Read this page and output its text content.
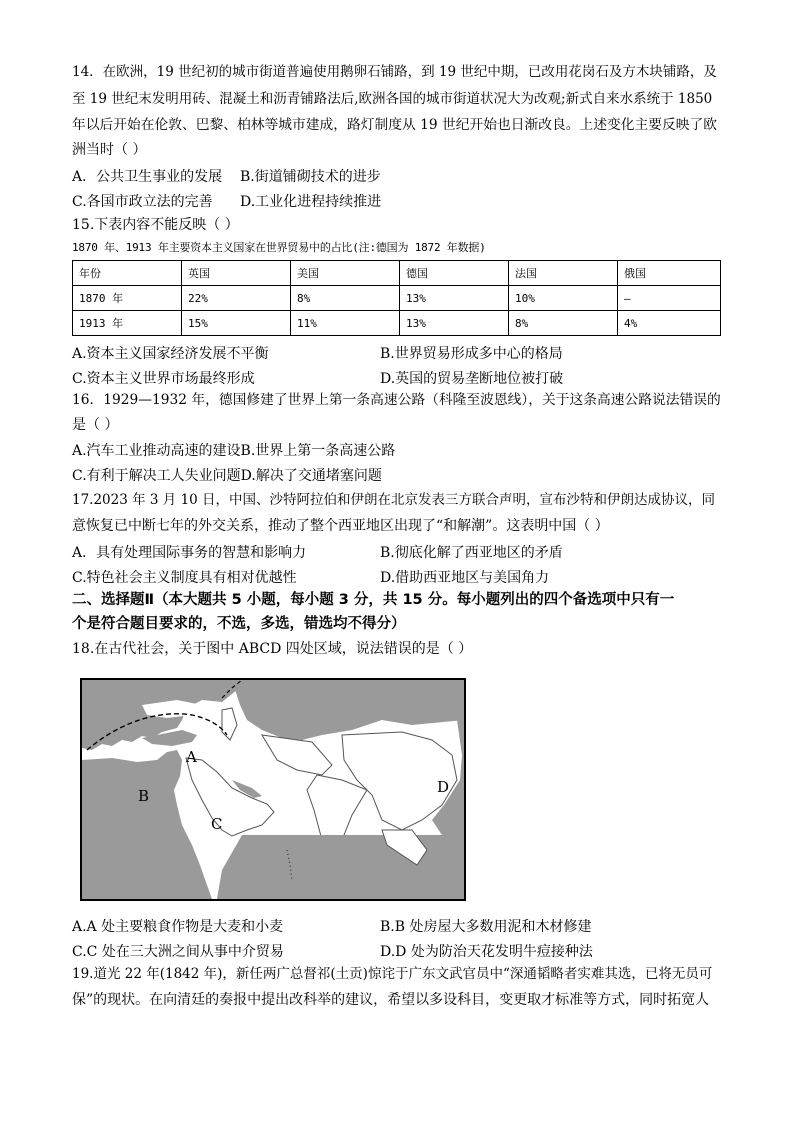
14．在欧洲，19 世纪初的城市街道普遍使用鹅卵石铺路，到 19 世纪中期，已改用花岗石及方木块铺路，及
至 19 世纪末发明用砖、混凝土和沥青铺路法后,欧洲各国的城市街道状况大为改观;新式自来水系统于 1850
年以后开始在伦敦、巴黎、柏林等城市建成，路灯制度从 19 世纪开始也日渐改良。上述变化主要反映了欧
洲当时（ ）
A．公共卫生事业的发展 B.街道铺砌技术的进步
C.各国市政立法的完善 D.工业化进程持续推进
15.下表内容不能反映（ ）
1870 年、1913 年主要资本主义国家在世界贸易中的占比(注:德国为 1872 年数据)
年份	英国	美国	德国	法国	俄国
1870 年	22%	8%	13%	10%	—
1913 年	15%	11%	13%	8%	4%
A.资本主义国家经济发展不平衡	B.世界贸易形成多中心的格局
C.资本主义世界市场最终形成	D.英国的贸易垄断地位被打破
16．1929—1932 年，德国修建了世界上第一条高速公路（科隆至波恩线），关于这条高速公路说法错误的
是（ ）
A.汽车工业推动高速的建设B.世界上第一条高速公路
C.有利于解决工人失业问题D.解决了交通堵塞问题
17.2023 年 3 月 10 日，中国、沙特阿拉伯和伊朗在北京发表三方联合声明，宣布沙特和伊朗达成协议，同
意恢复已中断七年的外交关系，推动了整个西亚地区出现了“和解潮”。这表明中国（ ）
A．具有处理国际事务的智慧和影响力	B.彻底化解了西亚地区的矛盾
C.特色社会主义制度具有相对优越性	D.借助西亚地区与美国角力
二、选择题Ⅱ（本大题共 5 小题，每小题 3 分，共 15 分。每小题列出的四个备选项中只有一
个是符合题目要求的，不选，多选，错选均不得分）
18.在古代社会，关于图中 ABCD 四处区域，说法错误的是（ ）
A
B
C
D
A.A 处主要粮食作物是大麦和小麦	B.B 处房屋大多数用泥和木材修建
C.C 处在三大洲之间从事中介贸易	D.D 处为防治天花发明牛痘接种法
19.道光 22 年(1842 年)，新任两广总督祁(土贡)惊诧于广东文武官员中“深通韬略者实难其选，已将无员可
保”的现状。在向清廷的奏报中提出改科举的建议，希望以多设科目，变更取才标准等方式，同时拓宽人
